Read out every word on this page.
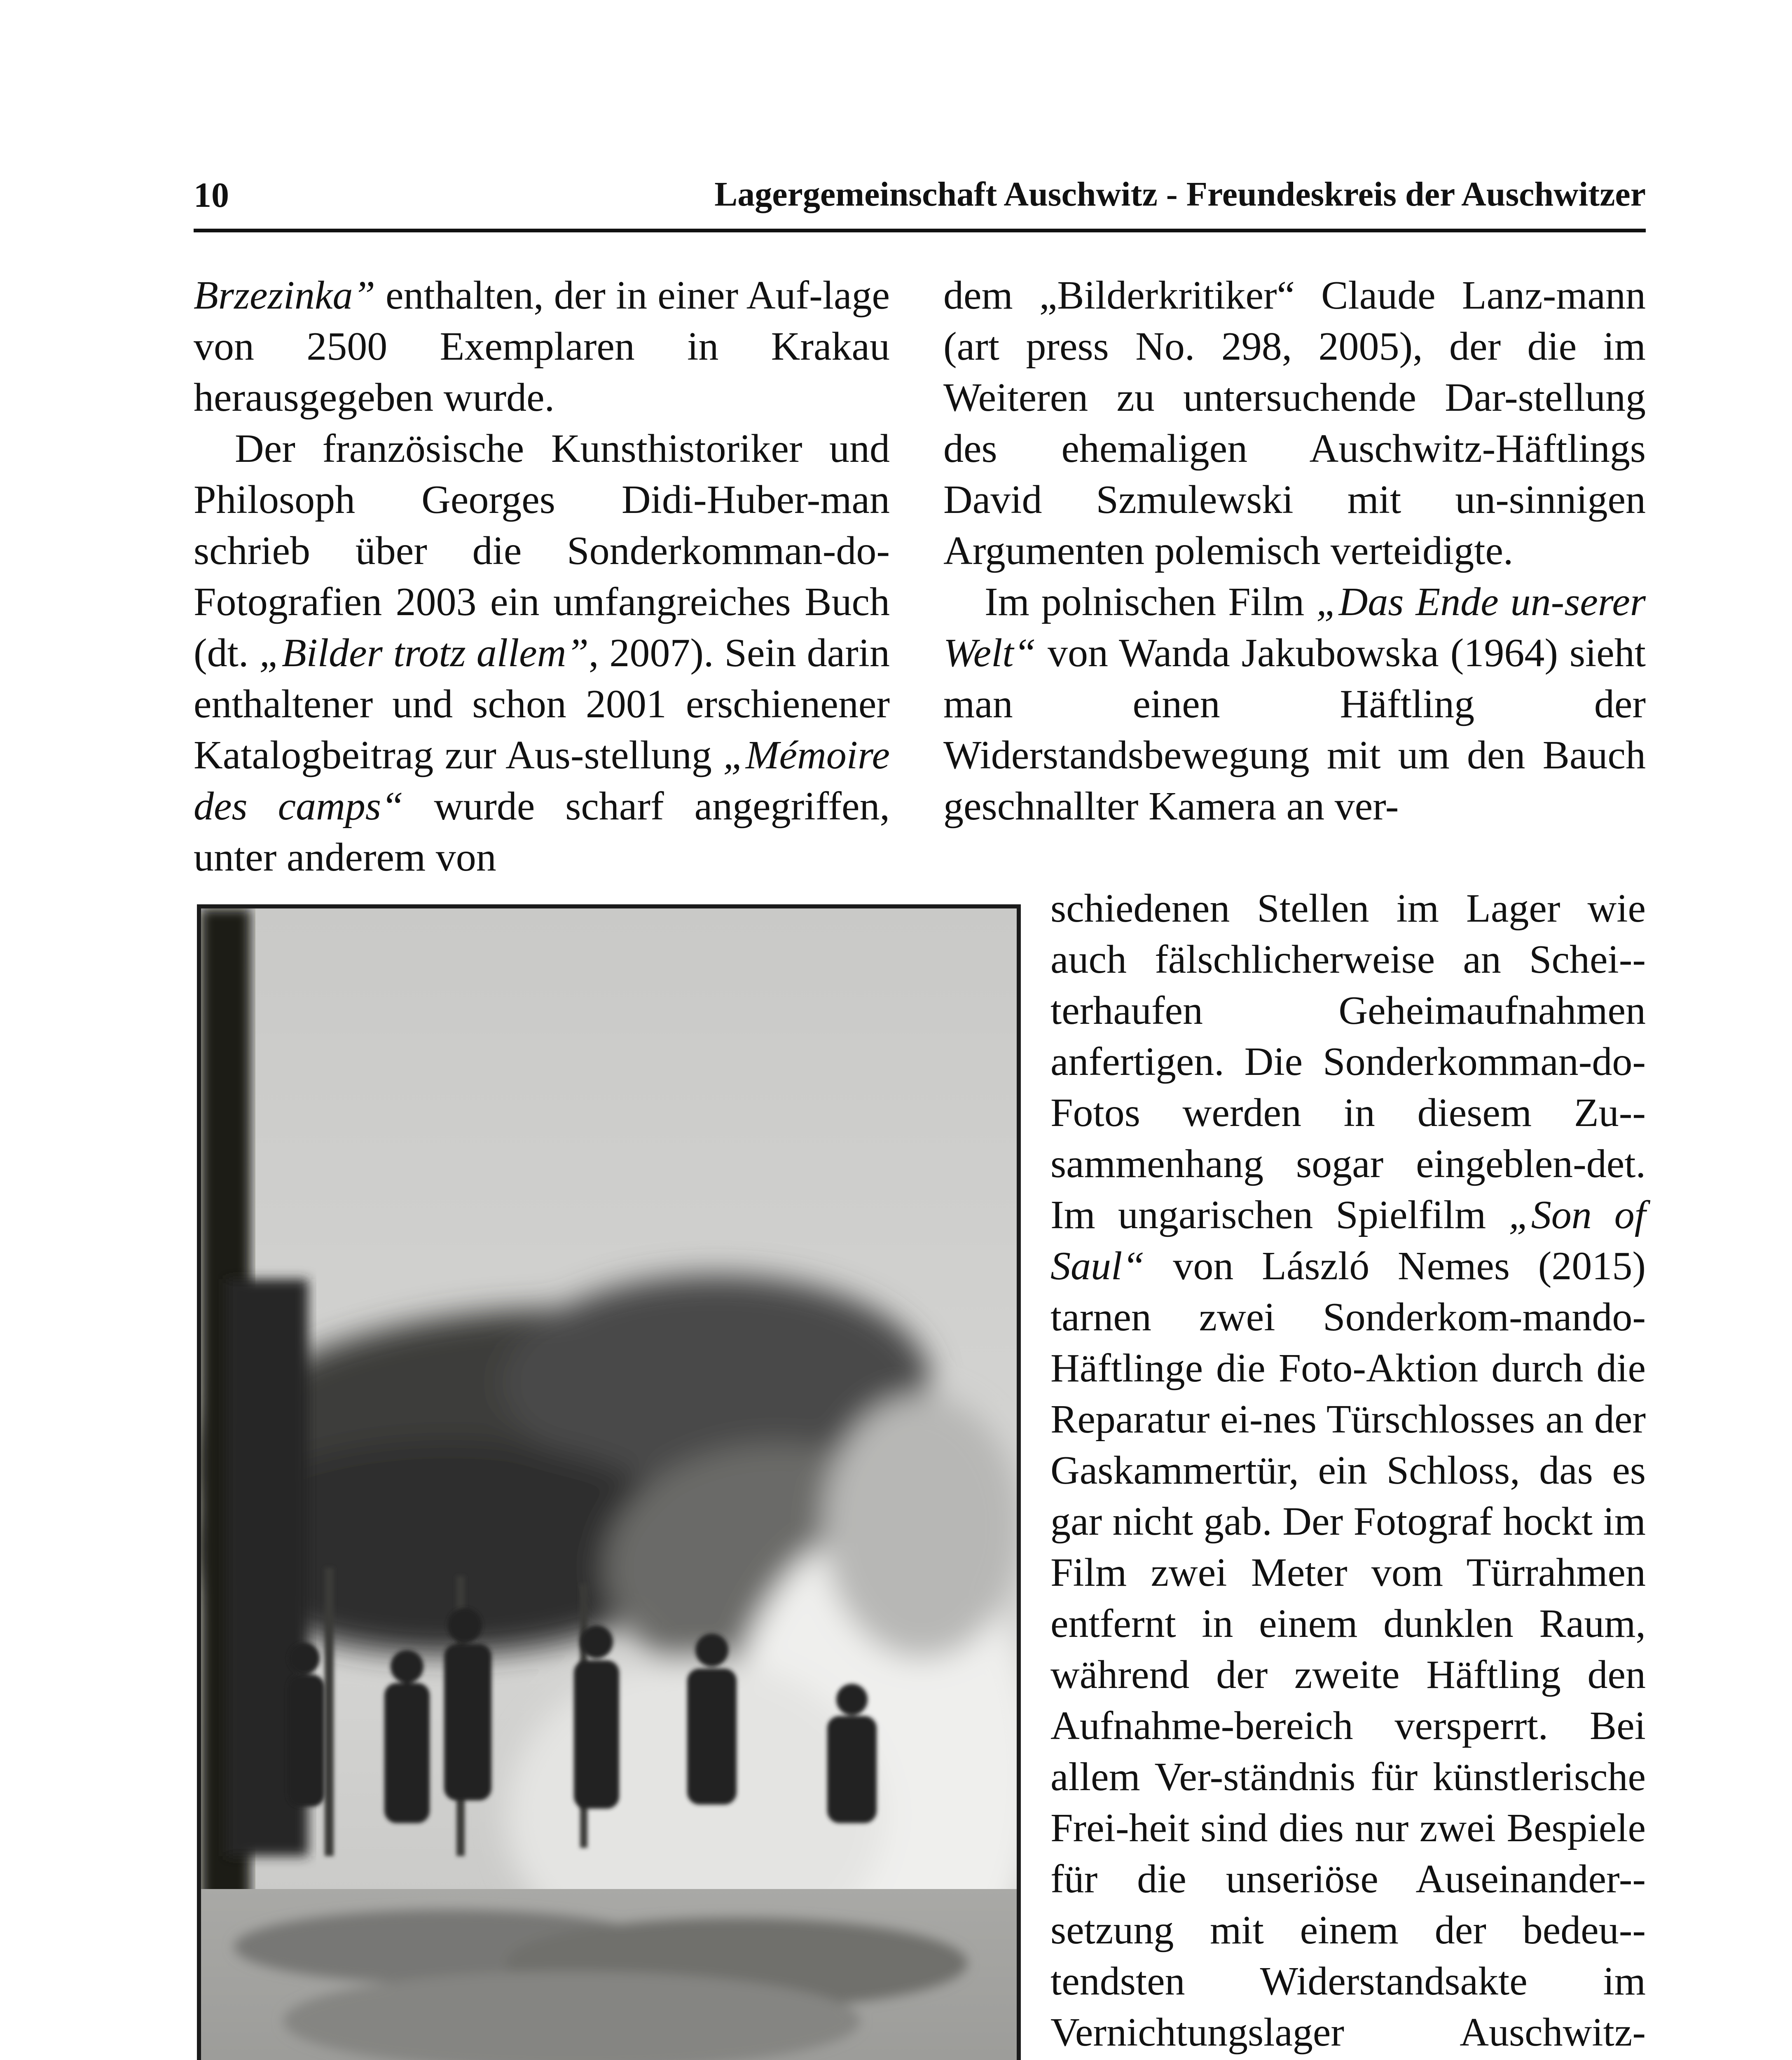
10	Lagergemeinschaft Auschwitz - Freundeskreis der Auschwitzer

Brzezinka” enthalten, der in einer Auf-lage von 2500 Exemplaren in Krakau herausgegeben wurde.

Der französische Kunsthistoriker und Philosoph Georges Didi-Huber-man schrieb über die Sonderkomman-do-Fotografien 2003 ein umfangreiches Buch (dt. „Bilder trotz allem”, 2007). Sein darin enthaltener und schon 2001 erschienener Katalogbeitrag zur Aus-stellung „Mémoire des camps“ wurde scharf angegriffen, unter anderem von

dem „Bilderkritiker“ Claude Lanz-mann (art press No. 298, 2005), der die im Weiteren zu untersuchende Dar-stellung des ehemaligen Auschwitz-Häftlings David Szmulewski mit un-sinnigen Argumenten polemisch verteidigte.

Im polnischen Film „Das Ende un-serer Welt“ von Wanda Jakubowska (1964) sieht man einen Häftling der Widerstandsbewegung mit um den Bauch geschnallter Kamera an ver-

schiedenen Stellen im Lager wie auch fälschlicherweise an Schei-terhaufen Geheimaufnahmen anfertigen. Die Sonderkomman-do-Fotos werden in diesem Zu-sammenhang sogar eingeblen-det. Im ungarischen Spielfilm „Son of Saul“ von László Nemes (2015) tarnen zwei Sonderkom-mando-Häftlinge die Foto-Aktion durch die Reparatur ei-nes Türschlosses an der Gaskammertür, ein Schloss, das es gar nicht gab. Der Fotograf hockt im Film zwei Meter vom Türrahmen entfernt in einem dunklen Raum, während der zweite Häftling den Aufnahme-bereich versperrt. Bei allem Ver-ständnis für künstlerische Frei-heit sind dies nur zwei Bespiele für die unseriöse Auseinander-setzung mit einem der bedeu-tendsten Widerstandsakte im Vernichtungslager Auschwitz-
